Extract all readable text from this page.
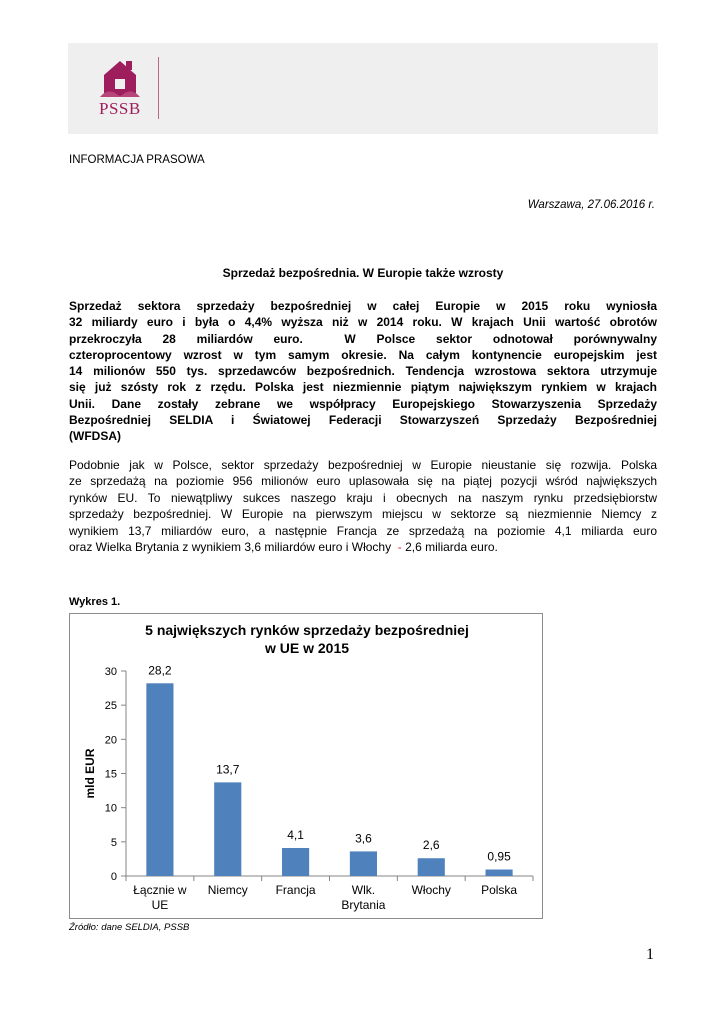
PSSB
INFORMACJA PRASOWA
Warszawa, 27.06.2016 r.
Sprzedaż bezpośrednia. W Europie także wzrosty
Sprzedaż sektora sprzedaży bezpośredniej w całej Europie w 2015 roku wyniosła
32 miliardy euro i była o 4,4% wyższa niż w 2014 roku. W krajach Unii wartość obrotów
przekroczyła  28  miliardów  euro.    W  Polsce  sektor  odnotował  porównywalny
czteroprocentowy wzrost w tym samym okresie. Na całym kontynencie europejskim jest
14 milionów 550 tys. sprzedawców bezpośrednich. Tendencja wzrostowa sektora utrzymuje
się już szósty rok z rzędu. Polska jest niezmiennie piątym największym rynkiem w krajach
Unii. Dane zostały zebrane we współpracy Europejskiego Stowarzyszenia Sprzedaży
Bezpośredniej SELDIA i Światowej Federacji Stowarzyszeń Sprzedaży Bezpośredniej
(WFDSA)
Podobnie jak w Polsce, sektor sprzedaży bezpośredniej w Europie nieustanie się rozwija. Polska
ze sprzedażą na poziomie 956 milionów euro uplasowała się na piątej pozycji wśród największych
rynków EU. To niewątpliwy sukces naszego kraju i obecnych na naszym rynku przedsiębiorstw
sprzedaży bezpośredniej. W Europie na pierwszym miejscu w sektorze są niezmiennie Niemcy z
wynikiem 13,7 miliardów euro, a następnie Francja ze sprzedażą na poziomie 4,1 miliarda euro
oraz Wielka Brytania z wynikiem 3,6 miliardów euro i Włochy - 2,6 miliarda euro.
Wykres 1.
5 największych rynków sprzedaży bezpośredniej
w UE w 2015
0
5
10
15
20
25
30
mld EUR
28,2
Łącznie w
UE
13,7
Niemcy
4,1
Francja
3,6
Wlk.
Brytania
2,6
Włochy
0,95
Polska
Źródło: dane SELDIA, PSSB
1
